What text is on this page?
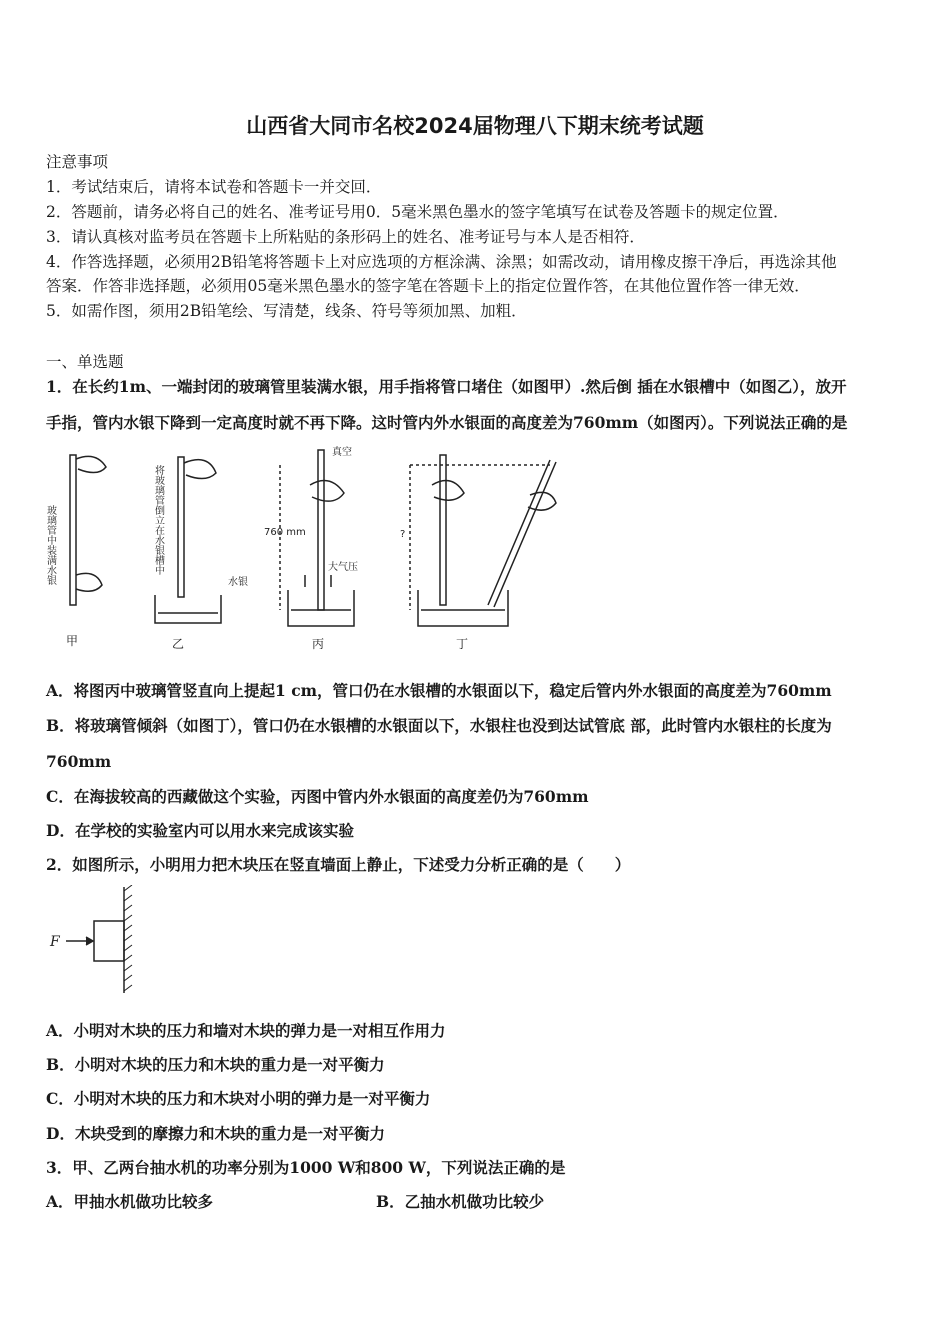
山西省大同市名校2024届物理八下期末统考试题
注意事项
1．考试结束后，请将本试卷和答题卡一并交回．
2．答题前，请务必将自己的姓名、准考证号用0．5毫米黑色墨水的签字笔填写在试卷及答题卡的规定位置．
3．请认真核对监考员在答题卡上所粘贴的条形码上的姓名、准考证号与本人是否相符．
4．作答选择题，必须用2B铅笔将答题卡上对应选项的方框涂满、涂黑；如需改动，请用橡皮擦干净后，再选涂其他
答案．作答非选择题，必须用05毫米黑色墨水的签字笔在答题卡上的指定位置作答，在其他位置作答一律无效．
5．如需作图，须用2B铅笔绘、写清楚，线条、符号等须加黑、加粗．
一、单选题
1．在长约1m、一端封闭的玻璃管里装满水银，用手指将管口堵住（如图甲）.然后倒 插在水银槽中（如图乙），放开
手指，管内水银下降到一定高度时就不再下降。这时管内外水银面的高度差为760mm（如图丙）。下列说法正确的是
玻璃管中装满水银	将玻璃管倒立在水银槽中
水银
真空
760 mm
大气压
?
甲	乙	丙	丁
A．将图丙中玻璃管竖直向上提起1 cm，管口仍在水银槽的水银面以下，稳定后管内外水银面的高度差为760mm
B．将玻璃管倾斜（如图丁），管口仍在水银槽的水银面以下，水银柱也没到达试管底 部，此时管内水银柱的长度为
760mm
C．在海拔较高的西藏做这个实验，丙图中管内外水银面的高度差仍为760mm
D．在学校的实验室内可以用水来完成该实验
2．如图所示，小明用力把木块压在竖直墙面上静止，下述受力分析正确的是（　　）
F
A．小明对木块的压力和墙对木块的弹力是一对相互作用力
B．小明对木块的压力和木块的重力是一对平衡力
C．小明对木块的压力和木块对小明的弹力是一对平衡力
D．木块受到的摩擦力和木块的重力是一对平衡力
3．甲、乙两台抽水机的功率分别为1000 W和800 W，下列说法正确的是
A．甲抽水机做功比较多	B．乙抽水机做功比较少
